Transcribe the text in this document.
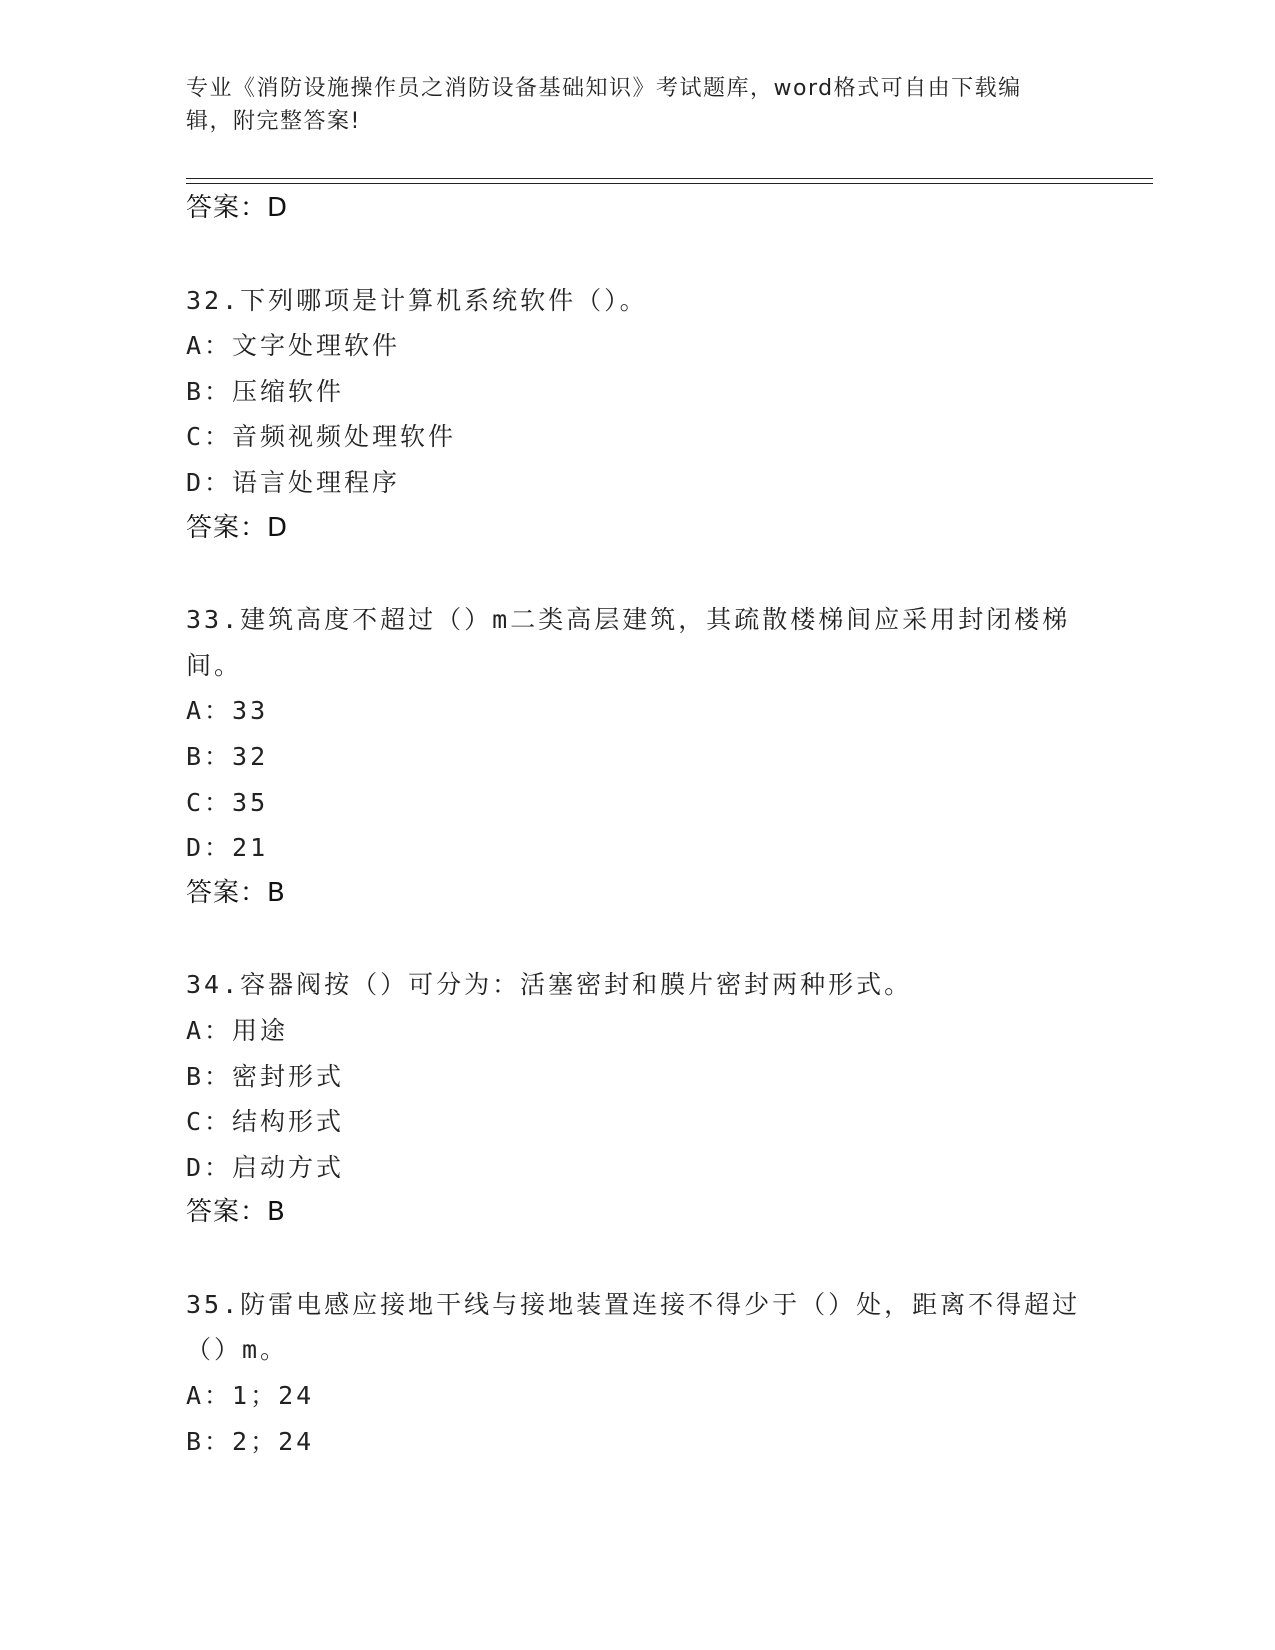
专业《消防设施操作员之消防设备基础知识》考试题库，word格式可自由下载编辑，附完整答案!
答案：D
32.下列哪项是计算机系统软件（）。
A：文字处理软件
B：压缩软件
C：音频视频处理软件
D：语言处理程序
答案：D
33.建筑高度不超过（）m二类高层建筑，其疏散楼梯间应采用封闭楼梯间。
A：33
B：32
C：35
D：21
答案：B
34.容器阀按（）可分为：活塞密封和膜片密封两种形式。
A：用途
B：密封形式
C：结构形式
D：启动方式
答案：B
35.防雷电感应接地干线与接地装置连接不得少于（）处，距离不得超过（）m。
A：1；24
B：2；24
